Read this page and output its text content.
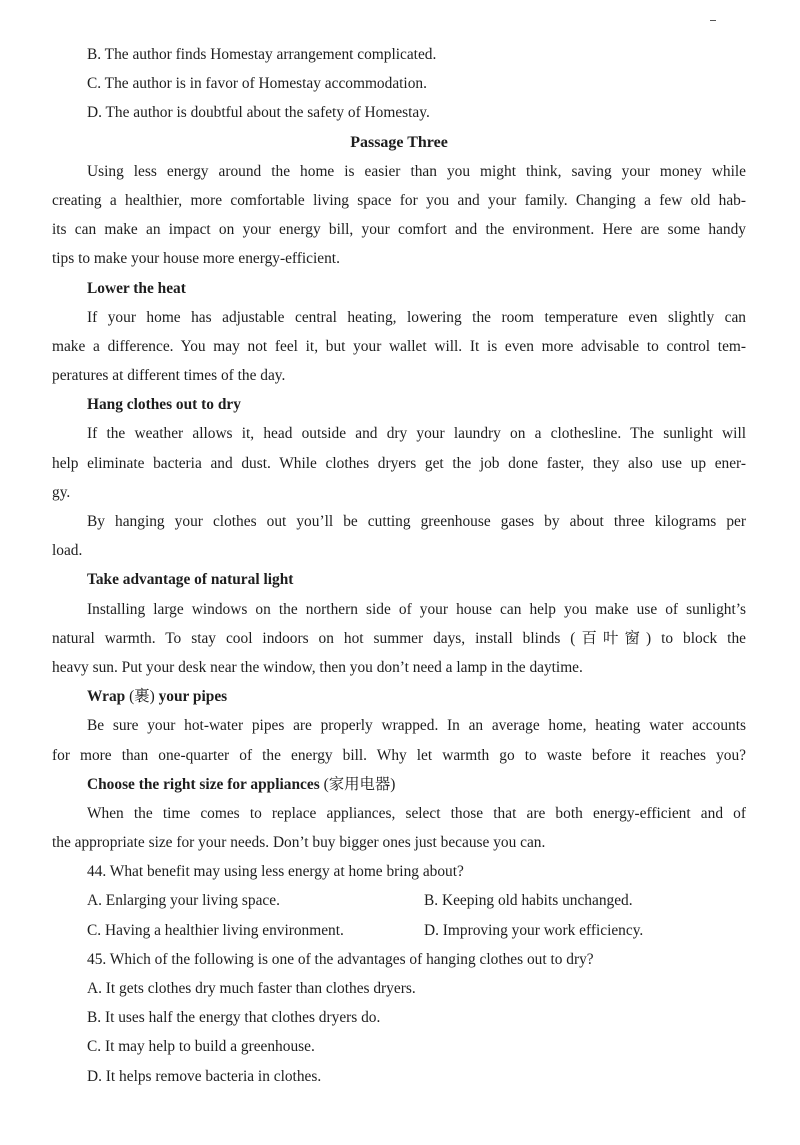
B. The author finds Homestay arrangement complicated.
C. The author is in favor of Homestay accommodation.
D. The author is doubtful about the safety of Homestay.
Passage Three
Using less energy around the home is easier than you might think, saving your money while
creating a healthier, more comfortable living space for you and your family. Changing a few old hab-
its can make an impact on your energy bill, your comfort and the environment. Here are some handy
tips to make your house more energy-efficient.
Lower the heat
If your home has adjustable central heating, lowering the room temperature even slightly can
make a difference. You may not feel it, but your wallet will. It is even more advisable to control tem-
peratures at different times of the day.
Hang clothes out to dry
If the weather allows it, head outside and dry your laundry on a clothesline. The sunlight will
help eliminate bacteria and dust. While clothes dryers get the job done faster, they also use up ener-
gy.
By hanging your clothes out you’ll be cutting greenhouse gases by about three kilograms per
load.
Take advantage of natural light
Installing large windows on the northern side of your house can help you make use of sunlight’s
natural warmth. To stay cool indoors on hot summer days, install blinds (百叶窗) to block the
heavy sun. Put your desk near the window, then you don’t need a lamp in the daytime.
Wrap (裹) your pipes
Be sure your hot-water pipes are properly wrapped. In an average home, heating water accounts
for more than one-quarter of the energy bill. Why let warmth go to waste before it reaches you?
Choose the right size for appliances (家用电器)
When the time comes to replace appliances, select those that are both energy-efficient and of
the appropriate size for your needs. Don’t buy bigger ones just because you can.
44. What benefit may using less energy at home bring about?
A. Enlarging your living space.	B. Keeping old habits unchanged.
C. Having a healthier living environment.	D. Improving your work efficiency.
45. Which of the following is one of the advantages of hanging clothes out to dry?
A. It gets clothes dry much faster than clothes dryers.
B. It uses half the energy that clothes dryers do.
C. It may help to build a greenhouse.
D. It helps remove bacteria in clothes.
